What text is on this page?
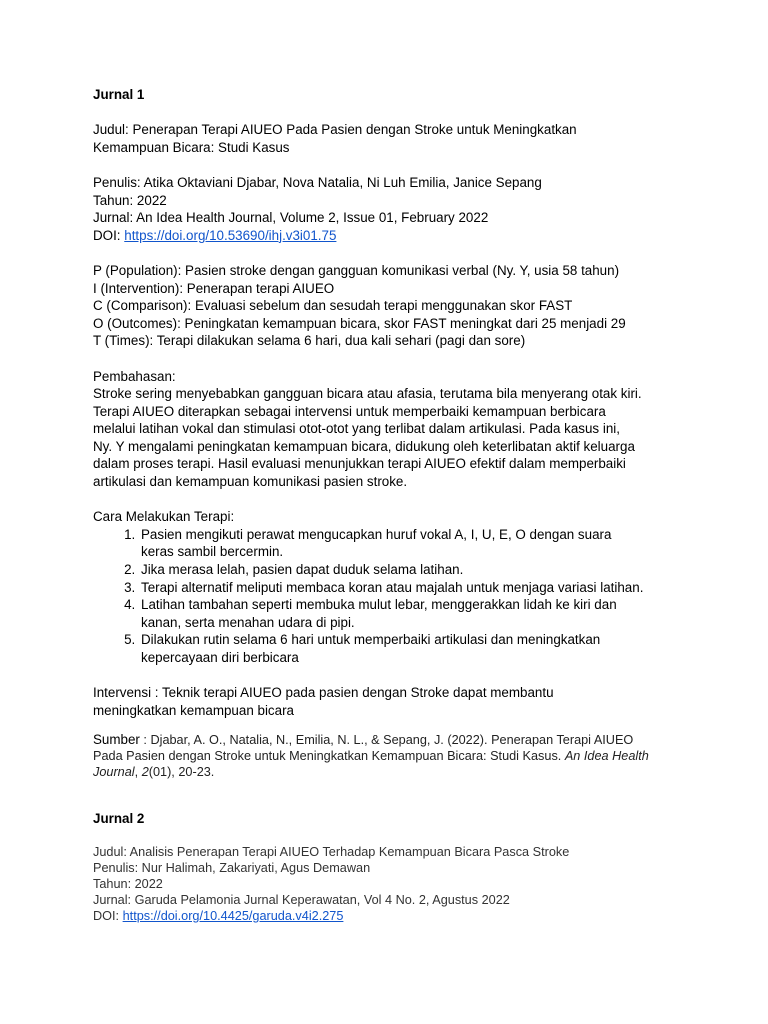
Jurnal 1

Judul: Penerapan Terapi AIUEO Pada Pasien dengan Stroke untuk Meningkatkan

Kemampuan Bicara: Studi Kasus

Penulis: Atika Oktaviani Djabar, Nova Natalia, Ni Luh Emilia, Janice Sepang

Tahun: 2022

Jurnal: An Idea Health Journal, Volume 2, Issue 01, February 2022

DOI: https://doi.org/10.53690/ihj.v3i01.75

P (Population): Pasien stroke dengan gangguan komunikasi verbal (Ny. Y, usia 58 tahun)

I (Intervention): Penerapan terapi AIUEO

C (Comparison): Evaluasi sebelum dan sesudah terapi menggunakan skor FAST

O (Outcomes): Peningkatan kemampuan bicara, skor FAST meningkat dari 25 menjadi 29

T (Times): Terapi dilakukan selama 6 hari, dua kali sehari (pagi dan sore)

Pembahasan:

Stroke sering menyebabkan gangguan bicara atau afasia, terutama bila menyerang otak kiri.

Terapi AIUEO diterapkan sebagai intervensi untuk memperbaiki kemampuan berbicara

melalui latihan vokal dan stimulasi otot-otot yang terlibat dalam artikulasi. Pada kasus ini,

Ny. Y mengalami peningkatan kemampuan bicara, didukung oleh keterlibatan aktif keluarga

dalam proses terapi. Hasil evaluasi menunjukkan terapi AIUEO efektif dalam memperbaiki

artikulasi dan kemampuan komunikasi pasien stroke.

Cara Melakukan Terapi:

1. Pasien mengikuti perawat mengucapkan huruf vokal A, I, U, E, O dengan suara
keras sambil bercermin.
2. Jika merasa lelah, pasien dapat duduk selama latihan.
3. Terapi alternatif meliputi membaca koran atau majalah untuk menjaga variasi latihan.
4. Latihan tambahan seperti membuka mulut lebar, menggerakkan lidah ke kiri dan
kanan, serta menahan udara di pipi.
5. Dilakukan rutin selama 6 hari untuk memperbaiki artikulasi dan meningkatkan
kepercayaan diri berbicara

Intervensi : Teknik terapi AIUEO pada pasien dengan Stroke dapat membantu

meningkatkan kemampuan bicara

Sumber : Djabar, A. O., Natalia, N., Emilia, N. L., & Sepang, J. (2022). Penerapan Terapi AIUEO

Pada Pasien dengan Stroke untuk Meningkatkan Kemampuan Bicara: Studi Kasus. An Idea Health

Journal, 2(01), 20-23.

Jurnal 2

Judul: Analisis Penerapan Terapi AIUEO Terhadap Kemampuan Bicara Pasca Stroke

Penulis: Nur Halimah, Zakariyati, Agus Demawan

Tahun: 2022

Jurnal: Garuda Pelamonia Jurnal Keperawatan, Vol 4 No. 2, Agustus 2022

DOI: https://doi.org/10.4425/garuda.v4i2.275
